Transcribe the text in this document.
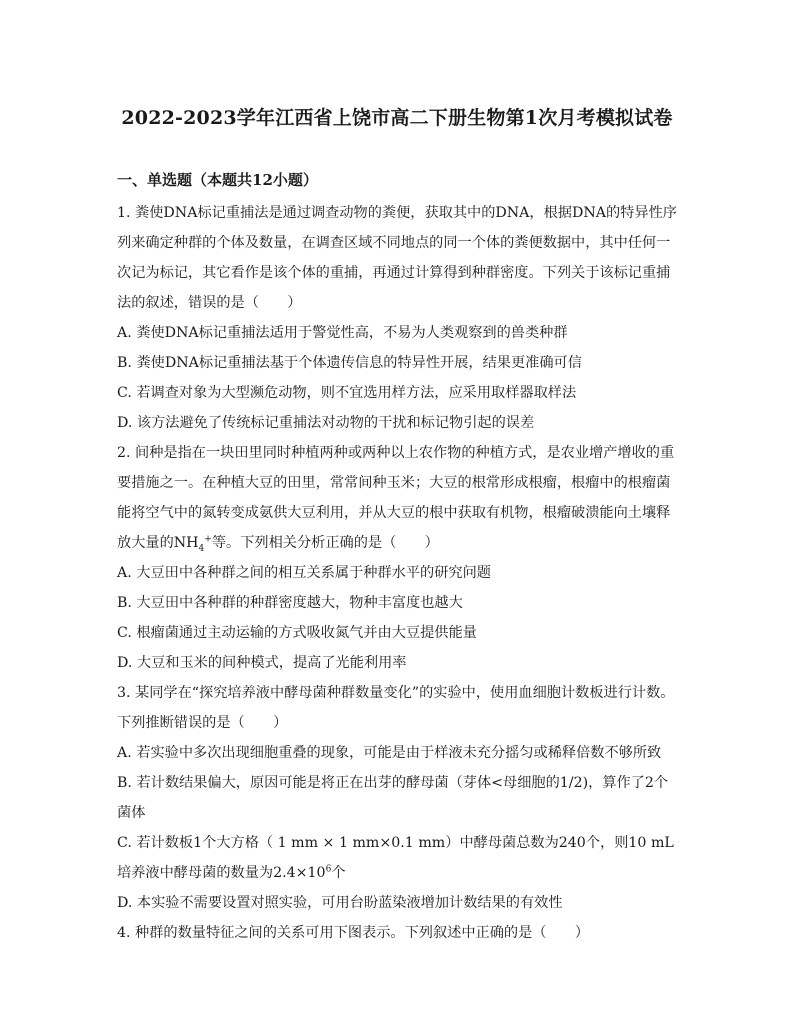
2022-2023学年江西省上饶市高二下册生物第1次月考模拟试卷
一、单选题（本题共12小题）

1. 粪使DNA标记重捕法是通过调查动物的粪便，获取其中的DNA，根据DNA的特异性序列来确定种群的个体及数量，在调查区域不同地点的同一个体的粪便数据中，其中任何一次记为标记，其它看作是该个体的重捕，再通过计算得到种群密度。下列关于该标记重捕法的叙述，错误的是（　　）

A. 粪使DNA标记重捕法适用于警觉性高，不易为人类观察到的兽类种群

B. 粪使DNA标记重捕法基于个体遗传信息的特异性开展，结果更准确可信

C. 若调查对象为大型濒危动物，则不宜选用样方法，应采用取样器取样法

D. 该方法避免了传统标记重捕法对动物的干扰和标记物引起的误差

2. 间种是指在一块田里同时种植两种或两种以上农作物的种植方式，是农业增产增收的重要措施之一。在种植大豆的田里，常常间种玉米；大豆的根常形成根瘤，根瘤中的根瘤菌能将空气中的氮转变成氨供大豆利用，并从大豆的根中获取有机物，根瘤破溃能向土壤释放大量的$NH_4^+$等。下列相关分析正确的是（　　）

A. 大豆田中各种群之间的相互关系属于种群水平的研究问题

B. 大豆田中各种群的种群密度越大，物种丰富度也越大

C. 根瘤菌通过主动运输的方式吸收氮气并由大豆提供能量

D. 大豆和玉米的间种模式，提高了光能利用率

3. 某同学在“探究培养液中酵母菌种群数量变化”的实验中，使用血细胞计数板进行计数。下列推断错误的是（　　）

A. 若实验中多次出现细胞重叠的现象，可能是由于样液未充分摇匀或稀释倍数不够所致

B. 若计数结果偏大，原因可能是将正在出芽的酵母菌（芽体<母细胞的1/2)，算作了2个菌体

C. 若计数板1个大方格（ 1 mm × 1 mm×0.1 mm）中酵母菌总数为240个，则10 mL培养液中酵母菌的数量为$2.4\times 10^6$个

D. 本实验不需要设置对照实验，可用台盼蓝染液增加计数结果的有效性

4. 种群的数量特征之间的关系可用下图表示。下列叙述中正确的是（　　）
